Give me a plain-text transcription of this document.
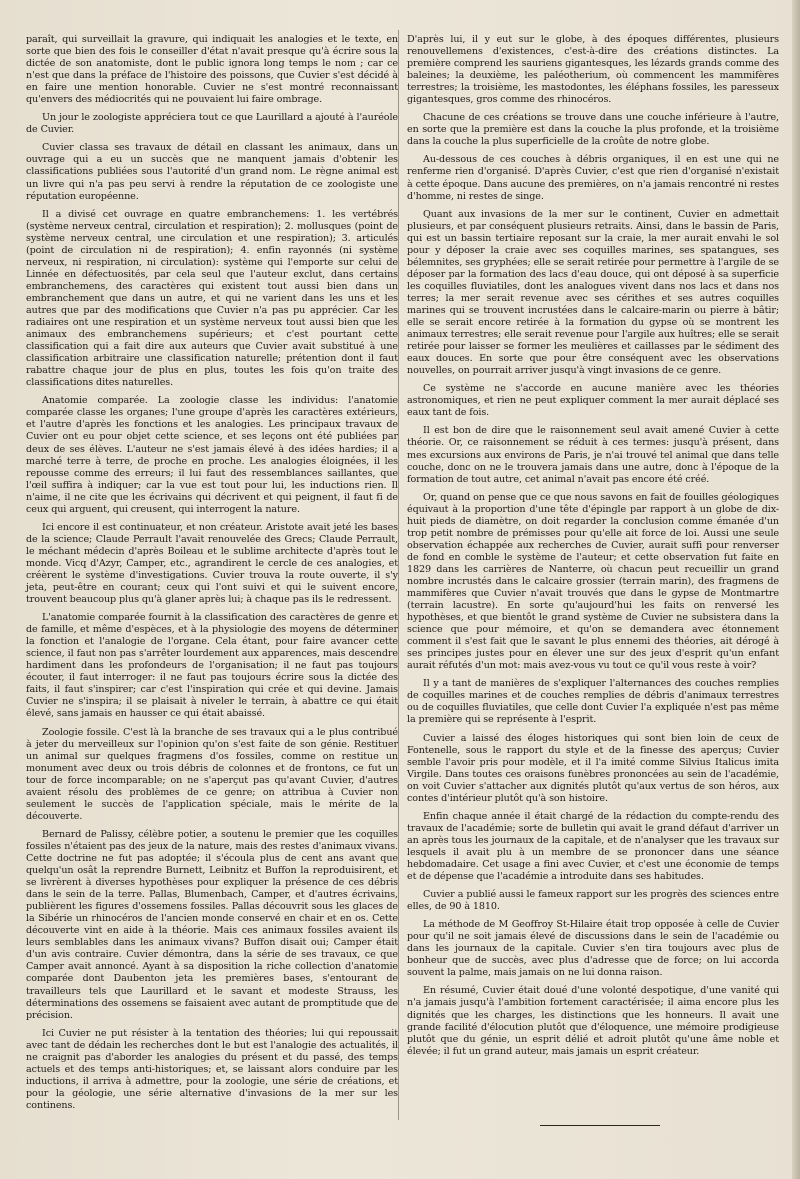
paraît, qui surveillait la gravure, qui indiquait les analogies et le texte, en sorte que bien des fois le conseiller d'état n'avait presque qu'à écrire sous la dictée de son anatomiste, dont le public ignora long temps le nom ; car ce n'est que dans la préface de l'histoire des poissons, que Cuvier s'est décidé à en faire une mention honorable. Cuvier ne s'est montré reconnaissant qu'envers des médiocrités qui ne pouvaient lui faire ombrage.

Un jour le zoologiste appréciera tout ce que Laurillard a ajouté à l'auréole de Cuvier.

Cuvier classa ses travaux de détail en classant les animaux, dans un ouvrage qui a eu un succès que ne manquent jamais d'obtenir les classifications publiées sous l'autorité d'un grand nom. Le règne animal est un livre qui n'a pas peu servi à rendre la réputation de ce zoologiste une réputation européenne.

Il a divisé cet ouvrage en quatre embranchemens: 1. les vertébrés (système nerveux central, circulation et respiration); 2. mollusques (point de système nerveux central, une circulation et une respiration); 3. articulés (point de circulation ni de respiration); 4. enfin rayonnés (ni système nerveux, ni respiration, ni circulation): système qui l'emporte sur celui de Linnée en défectuosités, par cela seul que l'auteur exclut, dans certains embranchemens, des caractères qui existent tout aussi bien dans un embranchement que dans un autre, et qui ne varient dans les uns et les autres que par des modifications que Cuvier n'a pas pu apprécier. Car les radiaires ont une respiration et un système nerveux tout aussi bien que les animaux des embranchemens supérieurs; et c'est pourtant cette classification qui a fait dire aux auteurs que Cuvier avait substitué à une classification arbitraire une classification naturelle; prétention dont il faut rabattre chaque jour de plus en plus, toutes les fois qu'on traite des classifications dites naturelles.

Anatomie comparée. La zoologie classe les individus: l'anatomie comparée classe les organes; l'une groupe d'après les caractères extérieurs, et l'autre d'après les fonctions et les analogies. Les principaux travaux de Cuvier ont eu pour objet cette science, et ses leçons ont été publiées par deux de ses élèves. L'auteur ne s'est jamais élevé à des idées hardies; il a marché terre à terre, de proche en proche. Les analogies éloignées, il les repousse comme des erreurs; il lui faut des ressemblances saillantes, que l'œil suffira à indiquer; car la vue est tout pour lui, les inductions rien. Il n'aime, il ne cite que les écrivains qui décrivent et qui peignent, il faut fi de ceux qui arguent, qui creusent, qui interrogent la nature.

Ici encore il est continuateur, et non créateur. Aristote avait jeté les bases de la science; Claude Perrault l'avait renouvelée des Grecs; Claude Perrault, le méchant médecin d'après Boileau et le sublime architecte d'après tout le monde. Vicq d'Azyr, Camper, etc., agrandirent le cercle de ces analogies, et créèrent le système d'investigations. Cuvier trouva la route ouverte, il s'y jeta, peut-être en courant; ceux qui l'ont suivi et qui le suivent encore, trouvent beaucoup plus qu'à glaner après lui; à chaque pas ils le redressent.

L'anatomie comparée fournit à la classification des caractères de genre et de famille, et même d'espèces, et à la physiologie des moyens de déterminer la fonction et l'analogie de l'organe. Cela étant, pour faire avancer cette science, il faut non pas s'arrêter lourdement aux apparences, mais descendre hardiment dans les profondeurs de l'organisation; il ne faut pas toujours écouter, il faut interroger: il ne faut pas toujours écrire sous la dictée des faits, il faut s'inspirer; car c'est l'inspiration qui crée et qui devine. Jamais Cuvier ne s'inspira; il se plaisait à niveler le terrain, à abattre ce qui était élevé, sans jamais en hausser ce qui était abaissé.

Zoologie fossile. C'est là la branche de ses travaux qui a le plus contribué à jeter du merveilleux sur l'opinion qu'on s'est faite de son génie. Restituer un animal sur quelques fragmens d'os fossiles, comme on restitue un monument avec deux ou trois débris de colonnes et de frontons, ce fut un tour de force incomparable; on ne s'aperçut pas qu'avant Cuvier, d'autres avaient résolu des problèmes de ce genre; on attribua à Cuvier non seulement le succès de l'application spéciale, mais le mérite de la découverte.

Bernard de Palissy, célèbre potier, a soutenu le premier que les coquilles fossiles n'étaient pas des jeux de la nature, mais des restes d'animaux vivans. Cette doctrine ne fut pas adoptée; il s'écoula plus de cent ans avant que quelqu'un osât la reprendre Burnett, Leibnitz et Buffon la reproduisirent, et se livrèrent à diverses hypothèses pour expliquer la présence de ces débris dans le sein de la terre. Pallas, Blumenbach, Camper, et d'autres écrivains, publièrent les figures d'ossemens fossiles. Pallas découvrit sous les glaces de la Sibérie un rhinocéros de l'ancien monde conservé en chair et en os. Cette découverte vint en aide à la théorie. Mais ces animaux fossiles avaient ils leurs semblables dans les animaux vivans? Buffon disait oui; Camper était d'un avis contraire. Cuvier démontra, dans la série de ses travaux, ce que Camper avait annoncé. Ayant à sa disposition la riche collection d'anatomie comparée dont Daubenton jeta les premières bases, s'entourant de travailleurs tels que Laurillard et le savant et modeste Strauss, les déterminations des ossemens se faisaient avec autant de promptitude que de précision.

Ici Cuvier ne put résister à la tentation des théories; lui qui repoussait avec tant de dédain les recherches dont le but est l'analogie des actualités, il ne craignit pas d'aborder les analogies du présent et du passé, des temps actuels et des temps anti-historiques; et, se laissant alors conduire par les inductions, il arriva à admettre, pour la zoologie, une série de créations, et pour la géologie, une série alternative d'invasions de la mer sur les continens.

D'après lui, il y eut sur le globe, à des époques différentes, plusieurs renouvellemens d'existences, c'est-à-dire des créations distinctes. La première comprend les sauriens gigantesques, les lézards grands comme des baleines; la deuxième, les paléotherium, où commencent les mammifères terrestres; la troisième, les mastodontes, les éléphans fossiles, les paresseux gigantesques, gros comme des rhinocéros.

Chacune de ces créations se trouve dans une couche inférieure à l'autre, en sorte que la première est dans la couche la plus profonde, et la troisième dans la couche la plus superficielle de la croûte de notre globe.

Au-dessous de ces couches à débris organiques, il en est une qui ne renferme rien d'organisé. D'après Cuvier, c'est que rien d'organisé n'existait à cette époque. Dans aucune des premières, on n'a jamais rencontré ni restes d'homme, ni restes de singe.

Quant aux invasions de la mer sur le continent, Cuvier en admettait plusieurs, et par conséquent plusieurs retraits. Ainsi, dans le bassin de Paris, qui est un bassin tertiaire reposant sur la craie, la mer aurait envahi le sol pour y déposer la craie avec ses coquilles marines, ses spatangues, ses bélemnites, ses gryphées; elle se serait retirée pour permettre à l'argile de se déposer par la formation des lacs d'eau douce, qui ont déposé à sa superficie les coquilles fluviatiles, dont les analogues vivent dans nos lacs et dans nos terres; la mer serait revenue avec ses cérithes et ses autres coquilles marines qui se trouvent incrustées dans le calcaire-marin ou pierre à bâtir; elle se serait encore retirée à la formation du gypse où se montrent les animaux terrestres; elle serait revenue pour l'argile aux huîtres; elle se serait retirée pour laisser se former les meulières et caillasses par le sédiment des eaux douces. En sorte que pour être conséquent avec les observations nouvelles, on pourrait arriver jusqu'à vingt invasions de ce genre.

Ce système ne s'accorde en aucune manière avec les théories astronomiques, et rien ne peut expliquer comment la mer aurait déplacé ses eaux tant de fois.

Il est bon de dire que le raisonnement seul avait amené Cuvier à cette théorie. Or, ce raisonnement se réduit à ces termes: jusqu'à présent, dans mes excursions aux environs de Paris, je n'ai trouvé tel animal que dans telle couche, donc on ne le trouvera jamais dans une autre, donc à l'époque de la formation de tout autre, cet animal n'avait pas encore été créé.

Or, quand on pense que ce que nous savons en fait de fouilles géologiques équivaut à la proportion d'une tête d'épingle par rapport à un globe de dix-huit pieds de diamètre, on doit regarder la conclusion comme émanée d'un trop petit nombre de prémisses pour qu'elle ait force de loi. Aussi une seule observation échappée aux recherches de Cuvier, aurait suffi pour renverser de fond en comble le système de l'auteur; et cette observation fut faite en 1829 dans les carrières de Nanterre, où chacun peut recueillir un grand nombre incrustés dans le calcaire grossier (terrain marin), des fragmens de mammifères que Cuvier n'avait trouvés que dans le gypse de Montmartre (terrain lacustre). En sorte qu'aujourd'hui les faits on renversé les hypothèses, et que bientôt le grand système de Cuvier ne subsistera dans la science que pour mémoire, et qu'on se demandera avec étonnement comment il s'est fait que le savant le plus ennemi des théories, ait dérogé à ses principes justes pour en élever une sur des jeux d'esprit qu'un enfant aurait réfutés d'un mot: mais avez-vous vu tout ce qu'il vous reste à voir?

Il y a tant de manières de s'expliquer l'alternances des couches remplies de coquilles marines et de couches remplies de débris d'animaux terrestres ou de coquilles fluviatiles, que celle dont Cuvier l'a expliquée n'est pas même la première qui se représente à l'esprit.

Cuvier a laissé des éloges historiques qui sont bien loin de ceux de Fontenelle, sous le rapport du style et de la finesse des aperçus; Cuvier semble l'avoir pris pour modèle, et il l'a imité comme Silvius Italicus imita Virgile. Dans toutes ces oraisons funèbres prononcées au sein de l'académie, on voit Cuvier s'attacher aux dignités plutôt qu'aux vertus de son héros, aux contes d'intérieur plutôt qu'à son histoire.

Enfin chaque année il était chargé de la rédaction du compte-rendu des travaux de l'académie; sorte de bulletin qui avait le grand défaut d'arriver un an après tous les journaux de la capitale, et de n'analyser que les travaux sur lesquels il avait plu à un membre de se prononcer dans une séance hebdomadaire. Cet usage a fini avec Cuvier, et c'est une économie de temps et de dépense que l'académie a introduite dans ses habitudes.

Cuvier a publié aussi le fameux rapport sur les progrès des sciences entre elles, de 90 à 1810.

La méthode de M Geoffroy St-Hilaire était trop opposée à celle de Cuvier pour qu'il ne soit jamais élevé de discussions dans le sein de l'académie ou dans les journaux de la capitale. Cuvier s'en tira toujours avec plus de bonheur que de succès, avec plus d'adresse que de force; on lui accorda souvent la palme, mais jamais on ne lui donna raison.

En résumé, Cuvier était doué d'une volonté despotique, d'une vanité qui n'a jamais jusqu'à l'ambition fortement caractérisée; il aima encore plus les dignités que les charges, les distinctions que les honneurs. Il avait une grande facilité d'élocution plutôt que d'éloquence, une mémoire prodigieuse plutôt que du génie, un esprit délié et adroit plutôt qu'une âme noble et élevée; il fut un grand auteur, mais jamais un esprit créateur.
